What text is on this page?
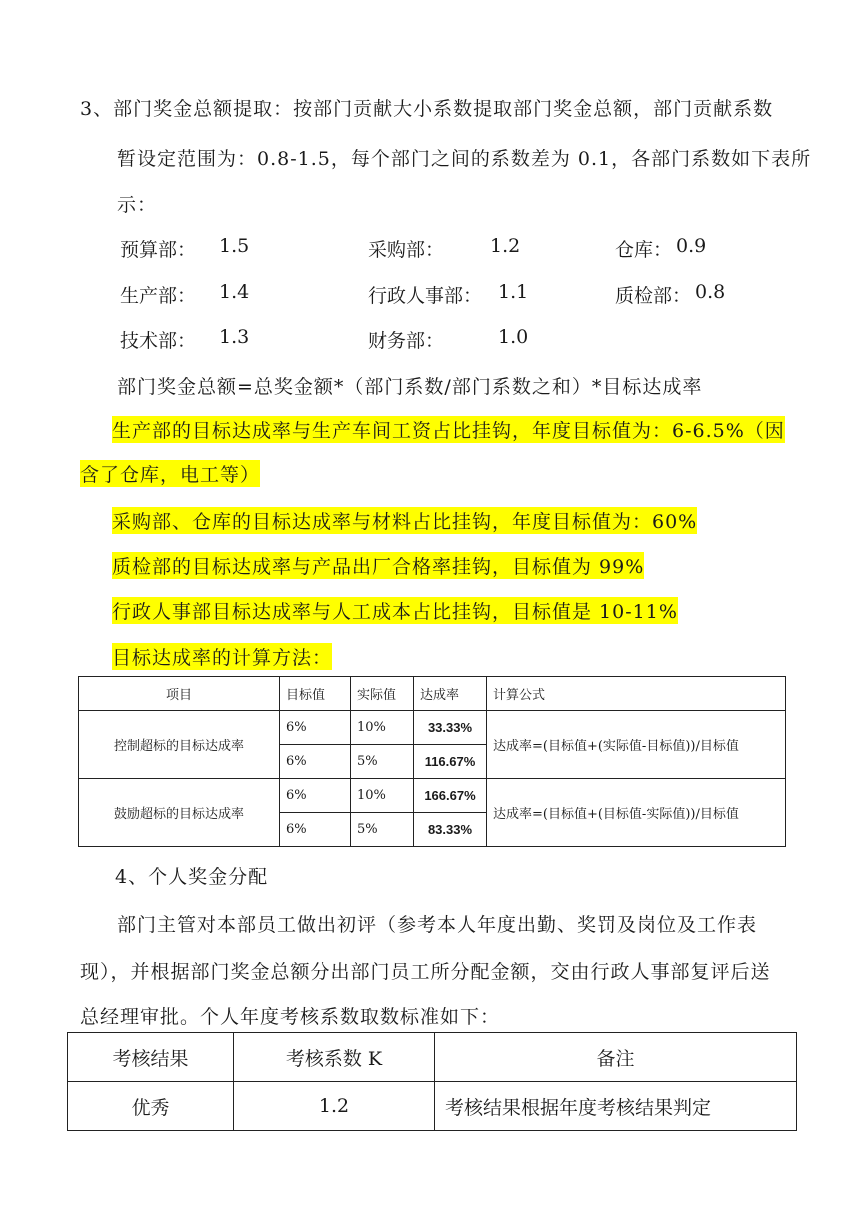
3、部门奖金总额提取：按部门贡献大小系数提取部门奖金总额，部门贡献系数
暂设定范围为：0.8-1.5，每个部门之间的系数差为 0.1，各部门系数如下表所
示：
预算部： 1.5	采购部： 1.2	仓库： 0.9
生产部： 1.4	行政人事部： 1.1	质检部： 0.8
技术部： 1.3	财务部：	1.0
部门奖金总额=总奖金额*（部门系数/部门系数之和）*目标达成率
生产部的目标达成率与生产车间工资占比挂钩，年度目标值为：6-6.5%（因
含了仓库，电工等）
采购部、仓库的目标达成率与材料占比挂钩，年度目标值为：60%
质检部的目标达成率与产品出厂合格率挂钩，目标值为 99%
行政人事部目标达成率与人工成本占比挂钩，目标值是 10-11%
目标达成率的计算方法：
项目	目标值	实际值	达成率	计算公式
控制超标的目标达成率	6%	10%	33.33%	达成率=(目标值+(实际值-目标值))/目标值
	6%	5%	116.67%	
鼓励超标的目标达成率	6%	10%	166.67%	达成率=(目标值+(目标值-实际值))/目标值
	6%	5%	83.33%	
4、个人奖金分配
部门主管对本部员工做出初评（参考本人年度出勤、奖罚及岗位及工作表
现），并根据部门奖金总额分出部门员工所分配金额，交由行政人事部复评后送
总经理审批。个人年度考核系数取数标准如下：
考核结果	考核系数 K	备注
优秀	1.2	考核结果根据年度考核结果判定
